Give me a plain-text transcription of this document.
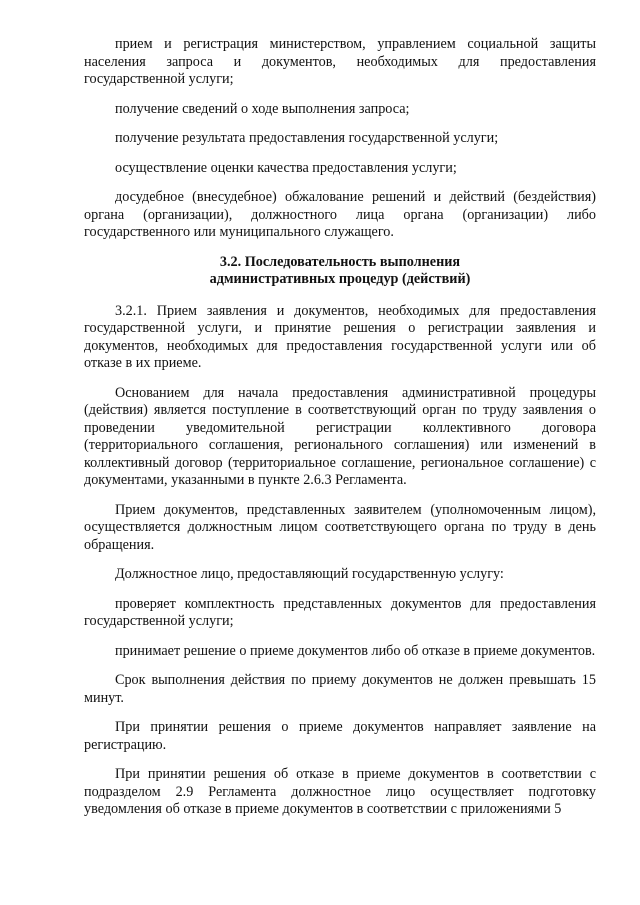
прием и регистрация министерством, управлением социальной защиты населения запроса и документов, необходимых для предоставления государственной услуги;

получение сведений о ходе выполнения запроса;

получение результата предоставления государственной услуги;

осуществление оценки качества предоставления услуги;

досудебное (внесудебное) обжалование решений и действий (бездействия) органа (организации), должностного лица органа (организации) либо государственного или муниципального служащего.

3.2. Последовательность выполнения
административных процедур (действий)

3.2.1. Прием заявления и документов, необходимых для предоставления государственной услуги, и принятие решения о регистрации заявления и документов, необходимых для предоставления государственной услуги или об отказе в их приеме.

Основанием для начала предоставления административной процедуры (действия) является поступление в соответствующий орган по труду заявления о проведении уведомительной регистрации коллективного договора (территориального соглашения, регионального соглашения) или изменений в коллективный договор (территориальное соглашение, региональное соглашение) с документами, указанными в пункте 2.6.3 Регламента.

Прием документов, представленных заявителем (уполномоченным лицом), осуществляется должностным лицом соответствующего органа по труду в день обращения.

Должностное лицо, предоставляющий государственную услугу:

проверяет комплектность представленных документов для предоставления государственной услуги;

принимает решение о приеме документов либо об отказе в приеме документов.

Срок выполнения действия по приему документов не должен превышать 15 минут.

При принятии решения о приеме документов направляет заявление на регистрацию.

При принятии решения об отказе в приеме документов в соответствии с подразделом 2.9 Регламента должностное лицо осуществляет подготовку уведомления об отказе в приеме документов в соответствии с приложениями 5
